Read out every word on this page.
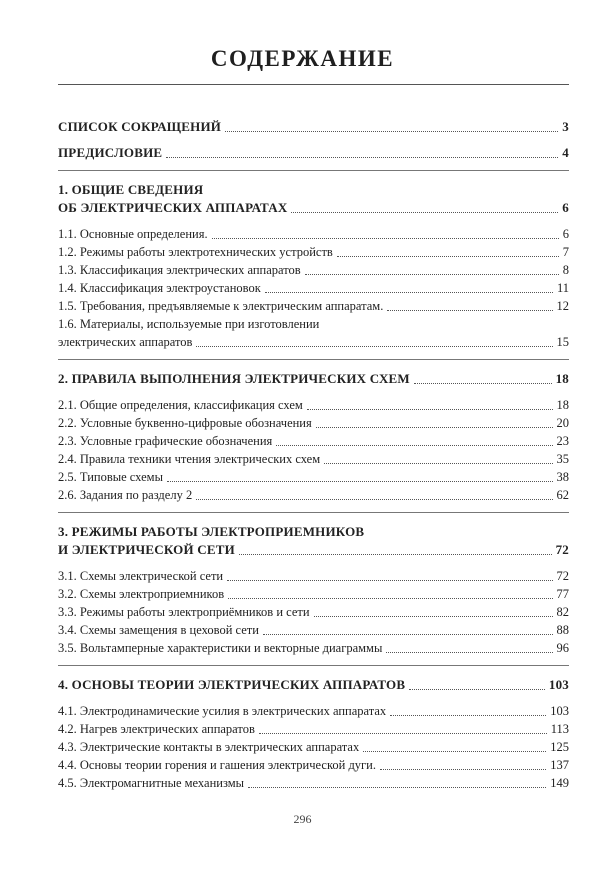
СОДЕРЖАНИЕ
СПИСОК СОКРАЩЕНИЙ	3
ПРЕДИСЛОВИЕ	4
1. ОБЩИЕ СВЕДЕНИЯ
ОБ ЭЛЕКТРИЧЕСКИХ АППАРАТАХ	6
1.1. Основные определения.	6
1.2. Режимы работы электротехнических устройств	7
1.3. Классификация электрических аппаратов	8
1.4. Классификация электроустановок	11
1.5. Требования, предъявляемые к электрическим аппаратам.	12
1.6. Материалы, используемые при изготовлении
электрических аппаратов	15
2. ПРАВИЛА ВЫПОЛНЕНИЯ ЭЛЕКТРИЧЕСКИХ СХЕМ	18
2.1. Общие определения, классификация схем	18
2.2. Условные буквенно-цифровые обозначения	20
2.3. Условные графические обозначения	23
2.4. Правила техники чтения электрических схем	35
2.5. Типовые схемы	38
2.6. Задания по разделу 2	62
3. РЕЖИМЫ РАБОТЫ ЭЛЕКТРОПРИЕМНИКОВ
И ЭЛЕКТРИЧЕСКОЙ СЕТИ	72
3.1. Схемы электрической сети	72
3.2. Схемы электроприемников	77
3.3. Режимы работы электроприёмников и сети	82
3.4. Схемы замещения в цеховой сети	88
3.5. Вольтамперные характеристики и векторные диаграммы	96
4. ОСНОВЫ ТЕОРИИ ЭЛЕКТРИЧЕСКИХ АППАРАТОВ	103
4.1. Электродинамические усилия в электрических аппаратах	103
4.2. Нагрев электрических аппаратов	113
4.3. Электрические контакты в электрических аппаратах	125
4.4. Основы теории горения и гашения электрической дуги.	137
4.5. Электромагнитные механизмы	149
296
